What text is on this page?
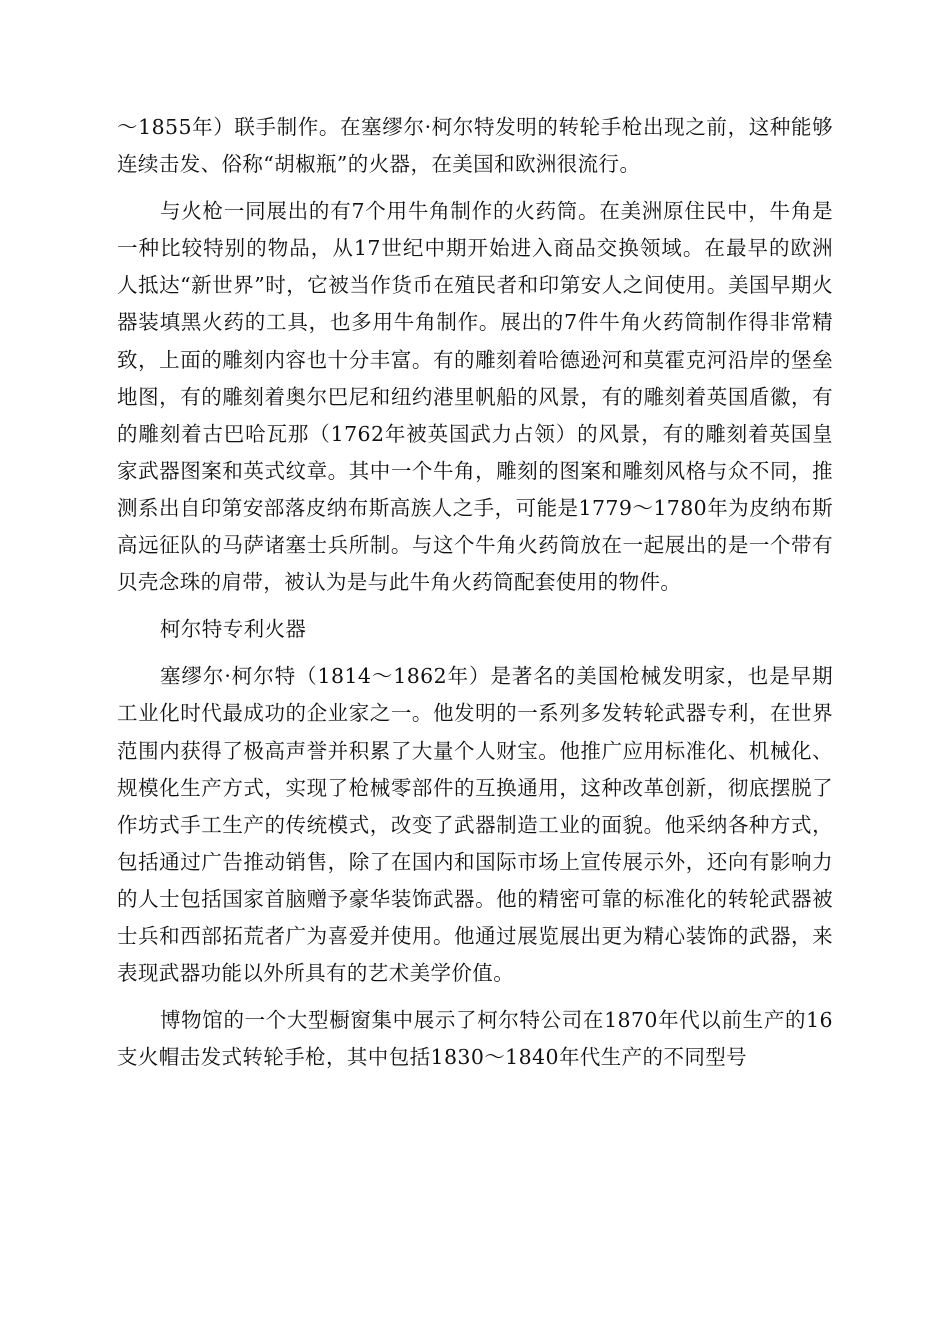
～1855年）联手制作。在塞缪尔·柯尔特发明的转轮手枪出现之前，这种能够连续击发、俗称“胡椒瓶”的火器，在美国和欧洲很流行。

与火枪一同展出的有7个用牛角制作的火药筒。在美洲原住民中，牛角是一种比较特别的物品，从17世纪中期开始进入商品交换领域。在最早的欧洲人抵达“新世界”时，它被当作货币在殖民者和印第安人之间使用。美国早期火器装填黑火药的工具，也多用牛角制作。展出的7件牛角火药筒制作得非常精致，上面的雕刻内容也十分丰富。有的雕刻着哈德逊河和莫霍克河沿岸的堡垒地图，有的雕刻着奥尔巴尼和纽约港里帆船的风景，有的雕刻着英国盾徽，有的雕刻着古巴哈瓦那（1762年被英国武力占领）的风景，有的雕刻着英国皇家武器图案和英式纹章。其中一个牛角，雕刻的图案和雕刻风格与众不同，推测系出自印第安部落皮纳布斯高族人之手，可能是1779～1780年为皮纳布斯高远征队的马萨诸塞士兵所制。与这个牛角火药筒放在一起展出的是一个带有贝壳念珠的肩带，被认为是与此牛角火药筒配套使用的物件。

柯尔特专利火器

塞缪尔·柯尔特（1814～1862年）是著名的美国枪械发明家，也是早期工业化时代最成功的企业家之一。他发明的一系列多发转轮武器专利，在世界范围内获得了极高声誉并积累了大量个人财宝。他推广应用标准化、机械化、规模化生产方式，实现了枪械零部件的互换通用，这种改革创新，彻底摆脱了作坊式手工生产的传统模式，改变了武器制造工业的面貌。他采纳各种方式，包括通过广告推动销售，除了在国内和国际市场上宣传展示外，还向有影响力的人士包括国家首脑赠予豪华装饰武器。他的精密可靠的标准化的转轮武器被士兵和西部拓荒者广为喜爱并使用。他通过展览展出更为精心装饰的武器，来表现武器功能以外所具有的艺术美学价值。

博物馆的一个大型橱窗集中展示了柯尔特公司在1870年代以前生产的16支火帽击发式转轮手枪，其中包括1830～1840年代生产的不同型号
